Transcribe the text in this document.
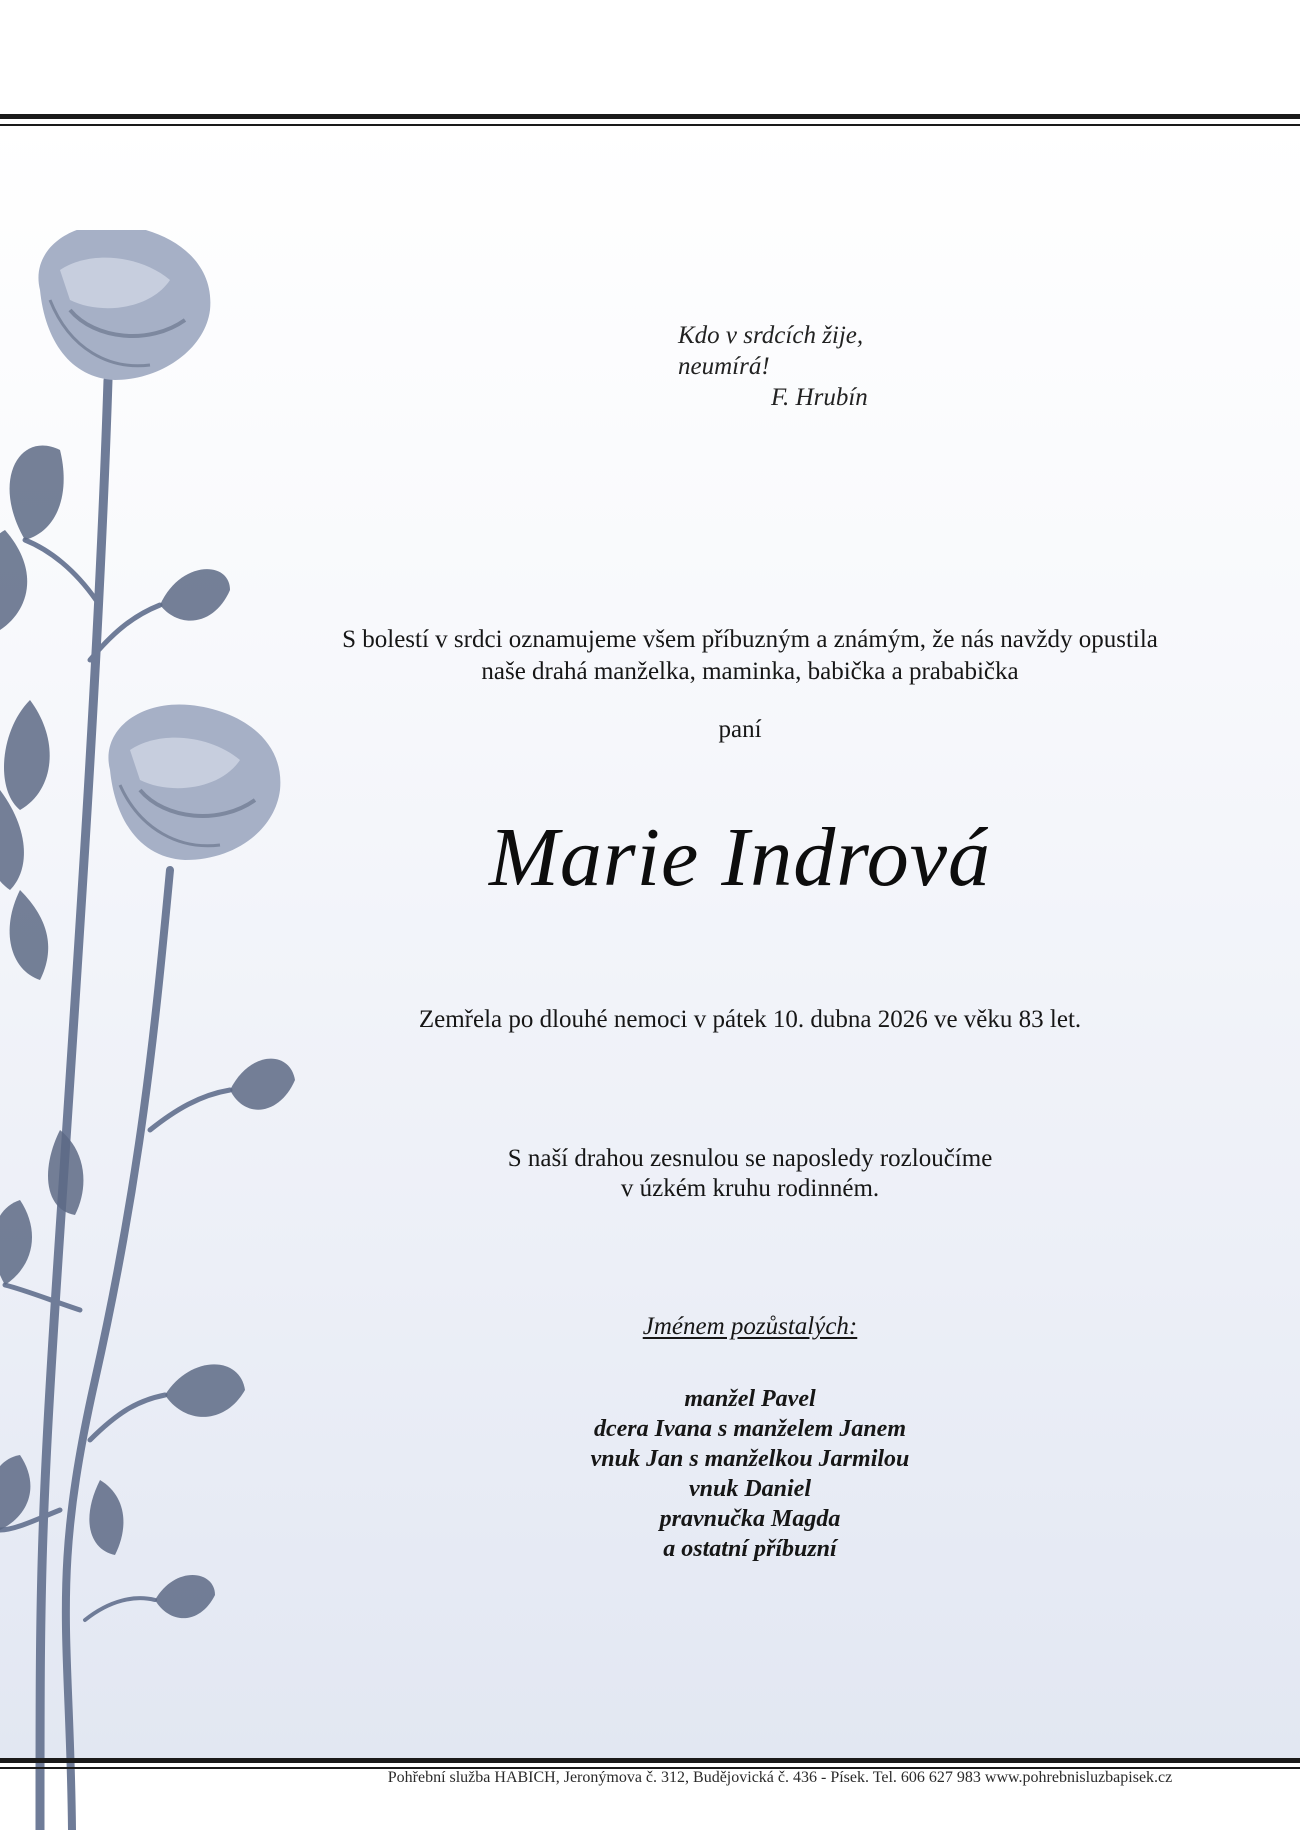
Kdo v srdcích žije,
neumírá!
F. Hrubín
S bolestí v srdci oznamujeme všem příbuzným a známým, že nás navždy opustila
naše drahá manželka, maminka, babička a prababička
paní
Marie Indrová
Zemřela po dlouhé nemoci v pátek 10. dubna 2026 ve věku 83 let.
S naší drahou zesnulou se naposledy rozloučíme
v úzkém kruhu rodinném.
Jménem pozůstalých:
manžel Pavel
dcera Ivana s manželem Janem
vnuk Jan s manželkou Jarmilou
vnuk Daniel
pravnučka Magda
a ostatní příbuzní
Pohřební služba HABICH, Jeronýmova č. 312, Budějovická č. 436 - Písek. Tel. 606 627 983 www.pohrebnisluzbapisek.cz
